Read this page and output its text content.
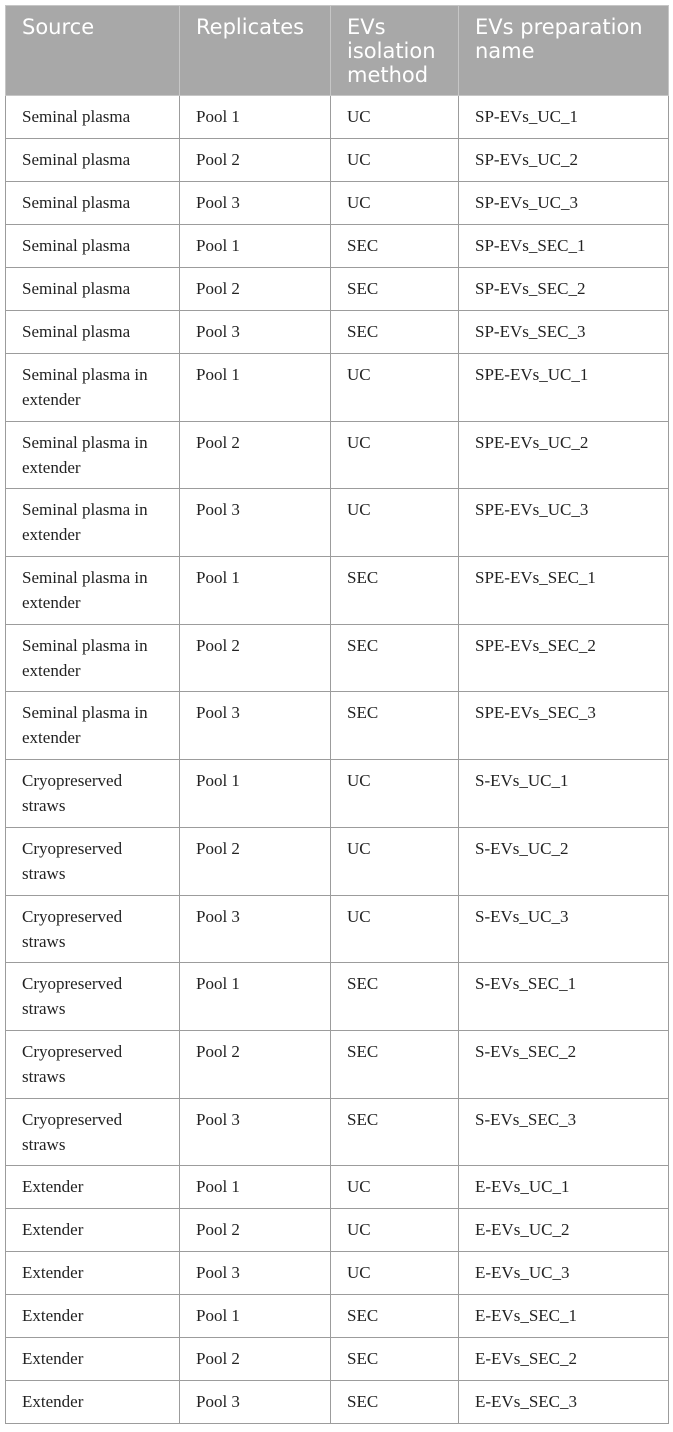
Source	Replicates	EVs isolation method	EVs preparation name
Seminal plasma	Pool 1	UC	SP-EVs_UC_1
Seminal plasma	Pool 2	UC	SP-EVs_UC_2
Seminal plasma	Pool 3	UC	SP-EVs_UC_3
Seminal plasma	Pool 1	SEC	SP-EVs_SEC_1
Seminal plasma	Pool 2	SEC	SP-EVs_SEC_2
Seminal plasma	Pool 3	SEC	SP-EVs_SEC_3
Seminal plasma in extender	Pool 1	UC	SPE-EVs_UC_1
Seminal plasma in extender	Pool 2	UC	SPE-EVs_UC_2
Seminal plasma in extender	Pool 3	UC	SPE-EVs_UC_3
Seminal plasma in extender	Pool 1	SEC	SPE-EVs_SEC_1
Seminal plasma in extender	Pool 2	SEC	SPE-EVs_SEC_2
Seminal plasma in extender	Pool 3	SEC	SPE-EVs_SEC_3
Cryopreserved straws	Pool 1	UC	S-EVs_UC_1
Cryopreserved straws	Pool 2	UC	S-EVs_UC_2
Cryopreserved straws	Pool 3	UC	S-EVs_UC_3
Cryopreserved straws	Pool 1	SEC	S-EVs_SEC_1
Cryopreserved straws	Pool 2	SEC	S-EVs_SEC_2
Cryopreserved straws	Pool 3	SEC	S-EVs_SEC_3
Extender	Pool 1	UC	E-EVs_UC_1
Extender	Pool 2	UC	E-EVs_UC_2
Extender	Pool 3	UC	E-EVs_UC_3
Extender	Pool 1	SEC	E-EVs_SEC_1
Extender	Pool 2	SEC	E-EVs_SEC_2
Extender	Pool 3	SEC	E-EVs_SEC_3
